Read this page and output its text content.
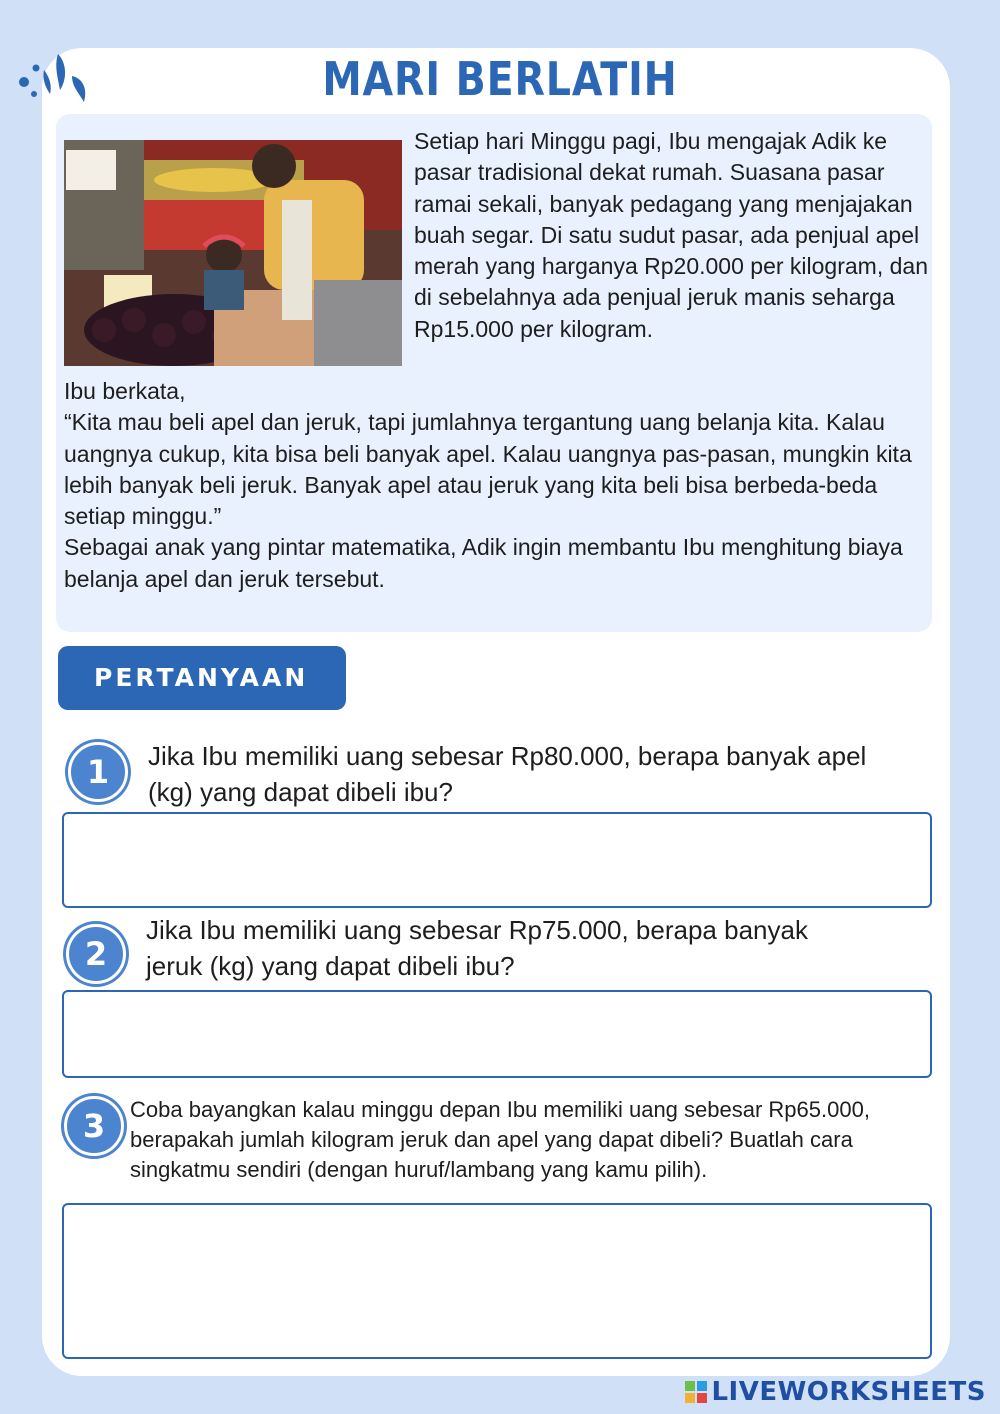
MARI BERLATIH
Setiap hari Minggu pagi, Ibu mengajak Adik ke pasar tradisional dekat rumah. Suasana pasar ramai sekali, banyak pedagang yang menjajakan buah segar. Di satu sudut pasar, ada penjual apel merah yang harganya Rp20.000 per kilogram, dan di sebelahnya ada penjual jeruk manis seharga Rp15.000 per kilogram.

Ibu berkata,

“Kita mau beli apel dan jeruk, tapi jumlahnya tergantung uang belanja kita. Kalau uangnya cukup, kita bisa beli banyak apel. Kalau uangnya pas-pasan, mungkin kita lebih banyak beli jeruk. Banyak apel atau jeruk yang kita beli bisa berbeda-beda setiap minggu.”

Sebagai anak yang pintar matematika, Adik ingin membantu Ibu menghitung biaya belanja apel dan jeruk tersebut.

PERTANYAAN
1	Jika Ibu memiliki uang sebesar Rp80.000, berapa banyak apel (kg) yang dapat dibeli ibu?
2
Jika Ibu memiliki uang sebesar Rp75.000, berapa banyak jeruk (kg) yang dapat dibeli ibu?
3	Coba bayangkan kalau minggu depan Ibu memiliki uang sebesar Rp65.000, berapakah jumlah kilogram jeruk dan apel yang dapat dibeli? Buatlah cara singkatmu sendiri (dengan huruf/lambang yang kamu pilih).
LIVEWORKSHEETS
